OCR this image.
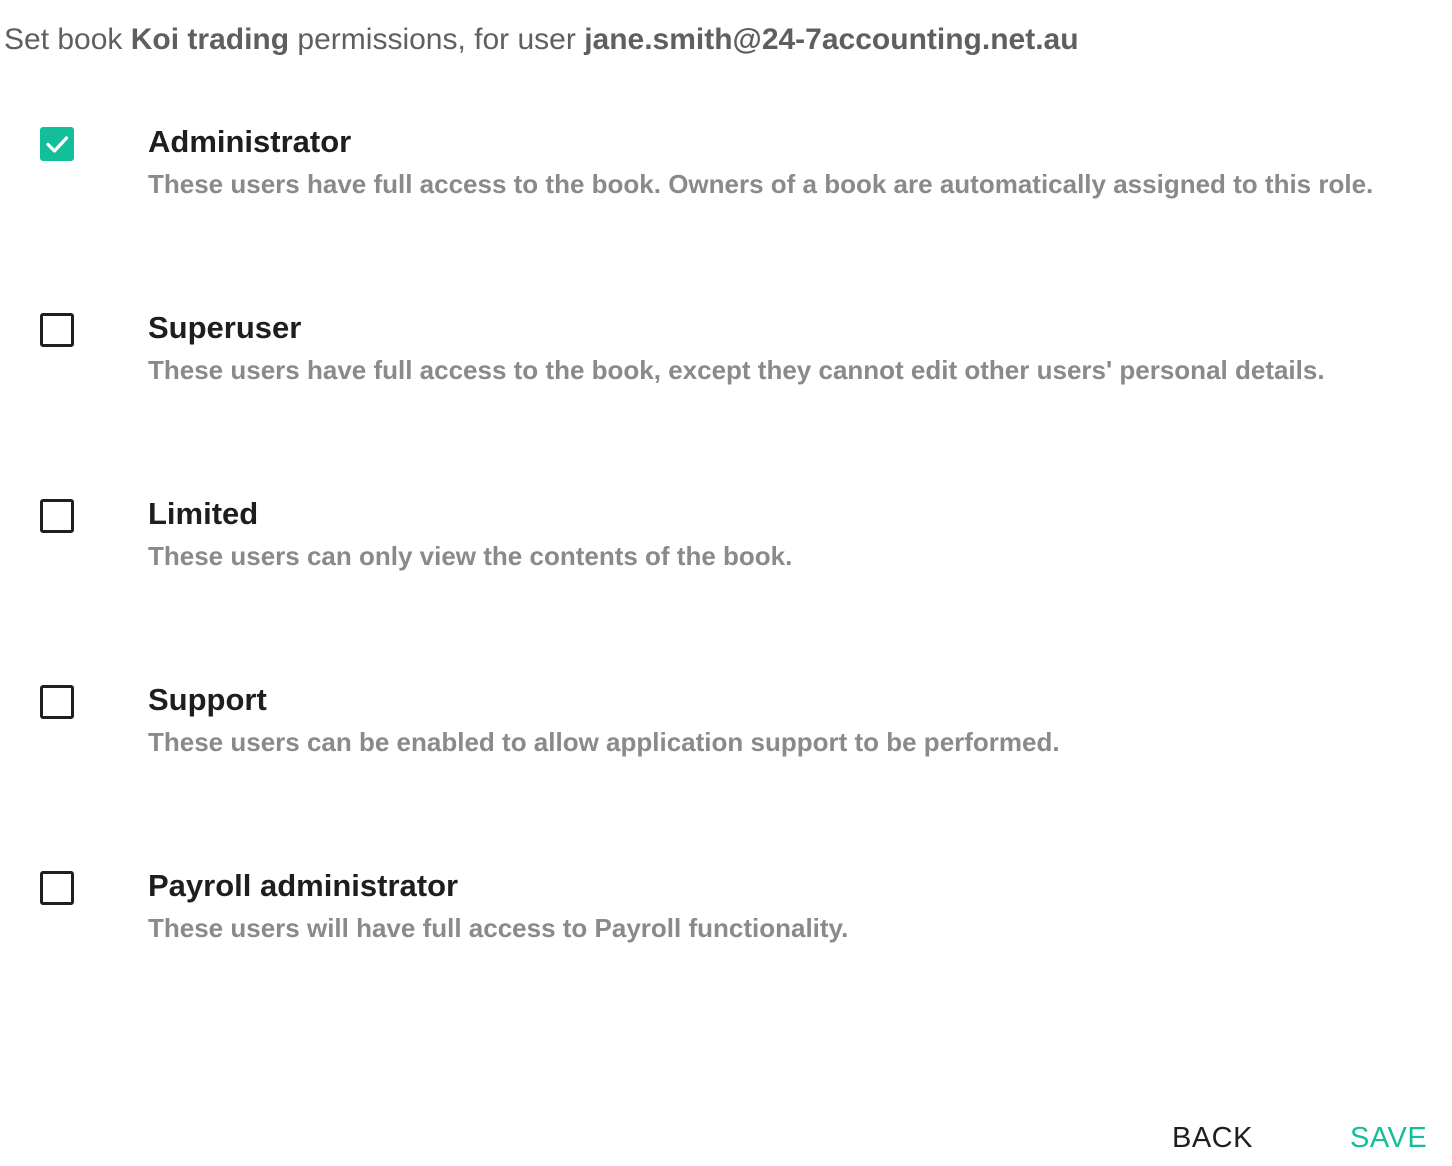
Set book Koi trading permissions, for user jane.smith@24-7accounting.net.au
Administrator
These users have full access to the book. Owners of a book are automatically assigned to this role.
Superuser
These users have full access to the book, except they cannot edit other users' personal details.
Limited
These users can only view the contents of the book.
Support
These users can be enabled to allow application support to be performed.
Payroll administrator
These users will have full access to Payroll functionality.
BACK	SAVE
